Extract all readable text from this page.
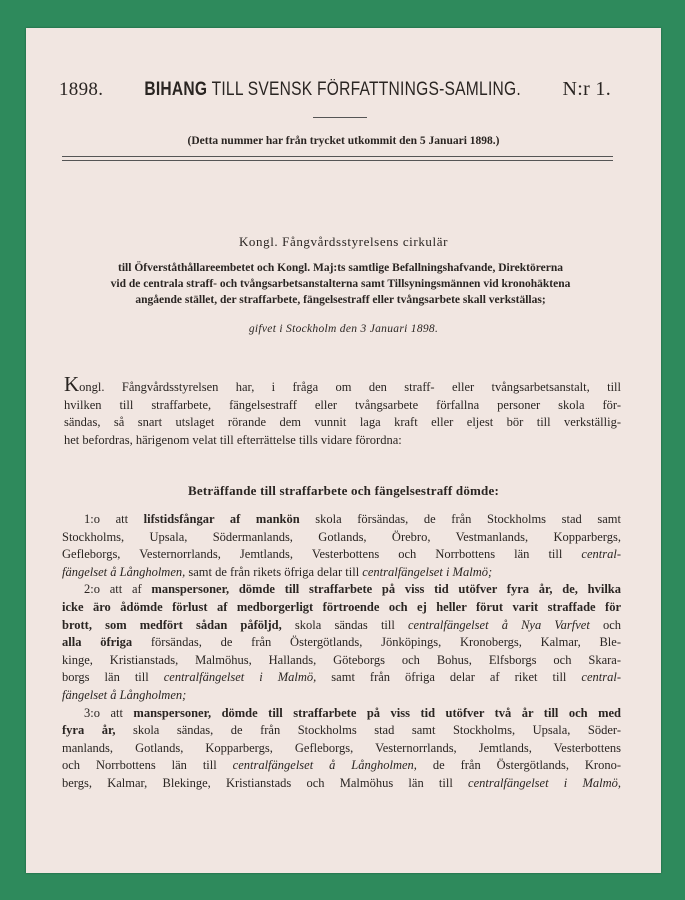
1898. BIHANG TILL SVENSK FÖRFATTNINGS-SAMLING. N:r 1.
(Detta nummer har från trycket utkommit den 5 Januari 1898.)
Kongl. Fångvårdsstyrelsens cirkulär
till Öfverståthållareembetet och Kongl. Maj:ts samtlige Befallningshafvande, Direktörerna
vid de centrala straff- och tvångsarbetsanstalterna samt Tillsyningsmännen vid kronohäktena
angående stället, der straffarbete, fängelsestraff eller tvångsarbete skall verkställas;
gifvet i Stockholm den 3 Januari 1898.
Kongl. Fångvårdsstyrelsen har, i fråga om den straff- eller tvångsarbetsanstalt, till
hvilken till straffarbete, fängelsestraff eller tvångsarbete förfallna personer skola för-
sändas, så snart utslaget rörande dem vunnit laga kraft eller eljest bör till verkställig-
het befordras, härigenom velat till efterrättelse tills vidare förordna:
Beträffande till straffarbete och fängelsestraff dömde:
1:o att lifstidsfångar af mankön skola försändas, de från Stockholms stad samt
Stockholms, Upsala, Södermanlands, Gotlands, Örebro, Vestmanlands, Kopparbergs,
Gefleborgs, Vesternorrlands, Jemtlands, Vesterbottens och Norrbottens län till central-
fängelset å Långholmen, samt de från rikets öfriga delar till centralfängelset i Malmö;
2:o att af manspersoner, dömde till straffarbete på viss tid utöfver fyra år, de, hvilka
icke äro ådömde förlust af medborgerligt förtroende och ej heller förut varit straffade för
brott, som medfört sådan påföljd, skola sändas till centralfängelset å Nya Varfvet och
alla öfriga försändas, de från Östergötlands, Jönköpings, Kronobergs, Kalmar, Ble-
kinge, Kristianstads, Malmöhus, Hallands, Göteborgs och Bohus, Elfsborgs och Skara-
borgs län till centralfängelset i Malmö, samt från öfriga delar af riket till central-
fängelset å Långholmen;
3:o att manspersoner, dömde till straffarbete på viss tid utöfver två år till och med
fyra år, skola sändas, de från Stockholms stad samt Stockholms, Upsala, Söder-
manlands, Gotlands, Kopparbergs, Gefleborgs, Vesternorrlands, Jemtlands, Vesterbottens
och Norrbottens län till centralfängelset å Långholmen, de från Östergötlands, Krono-
bergs, Kalmar, Blekinge, Kristianstads och Malmöhus län till centralfängelset i Malmö,
